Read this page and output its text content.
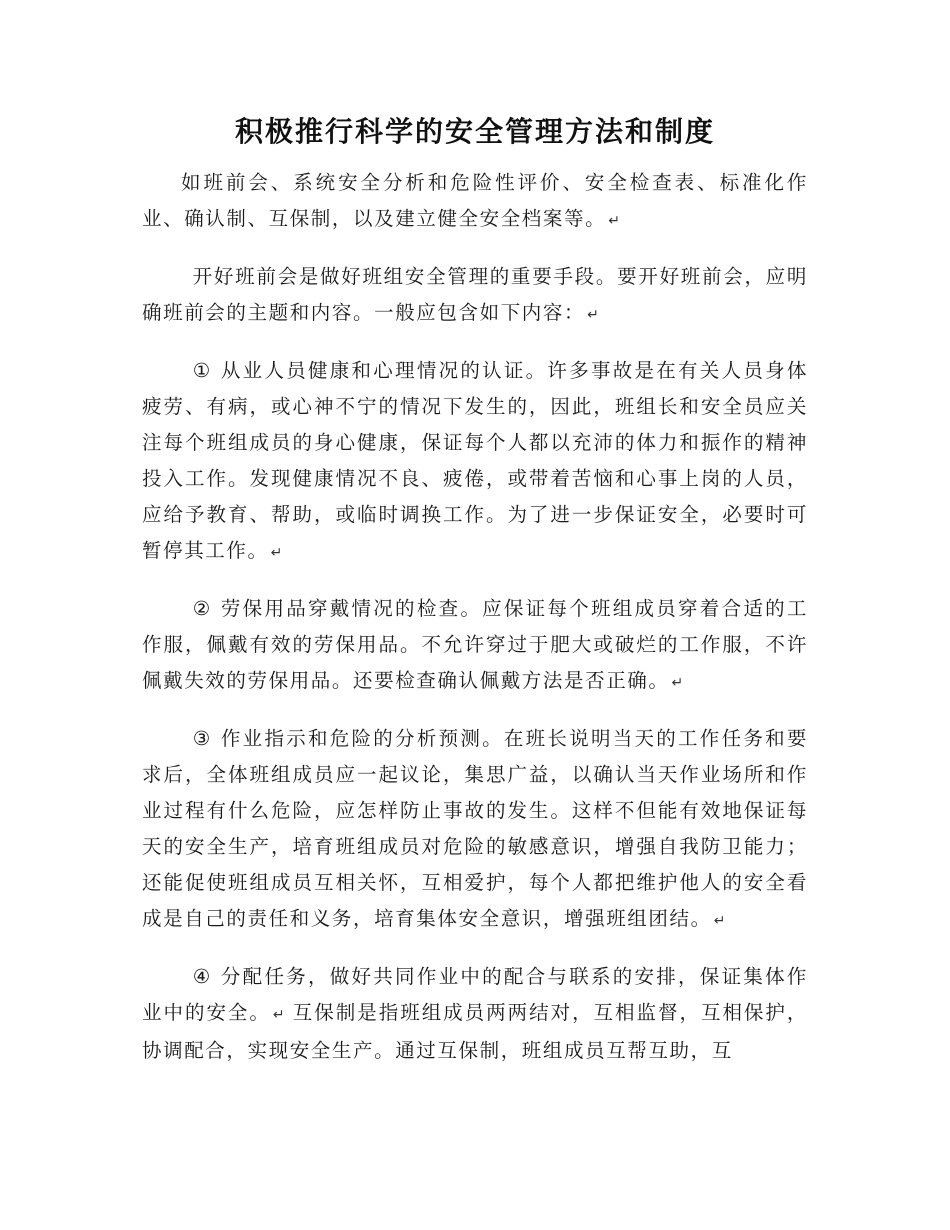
积极推行科学的安全管理方法和制度

如班前会、系统安全分析和危险性评价、安全检查表、标准化作业、确认制、互保制，以及建立健全安全档案等。 ↵

开好班前会是做好班组安全管理的重要手段。要开好班前会，应明确班前会的主题和内容。一般应包含如下内容： ↵

① 从业人员健康和心理情况的认证。许多事故是在有关人员身体疲劳、有病，或心神不宁的情况下发生的，因此，班组长和安全员应关注每个班组成员的身心健康，保证每个人都以充沛的体力和振作的精神投入工作。发现健康情况不良、疲倦，或带着苦恼和心事上岗的人员，应给予教育、帮助，或临时调换工作。为了进一步保证安全，必要时可暂停其工作。 ↵

② 劳保用品穿戴情况的检查。应保证每个班组成员穿着合适的工作服，佩戴有效的劳保用品。不允许穿过于肥大或破烂的工作服，不许佩戴失效的劳保用品。还要检查确认佩戴方法是否正确。 ↵

③ 作业指示和危险的分析预测。在班长说明当天的工作任务和要求后，全体班组成员应一起议论，集思广益，以确认当天作业场所和作业过程有什么危险，应怎样防止事故的发生。这样不但能有效地保证每天的安全生产，培育班组成员对危险的敏感意识，增强自我防卫能力；还能促使班组成员互相关怀，互相爱护，每个人都把维护他人的安全看成是自己的责任和义务，培育集体安全意识，增强班组团结。 ↵

④ 分配任务，做好共同作业中的配合与联系的安排，保证集体作业中的安全。 ↵ 互保制是指班组成员两两结对，互相监督，互相保护，协调配合，实现安全生产。通过互保制，班组成员互帮互助，互
